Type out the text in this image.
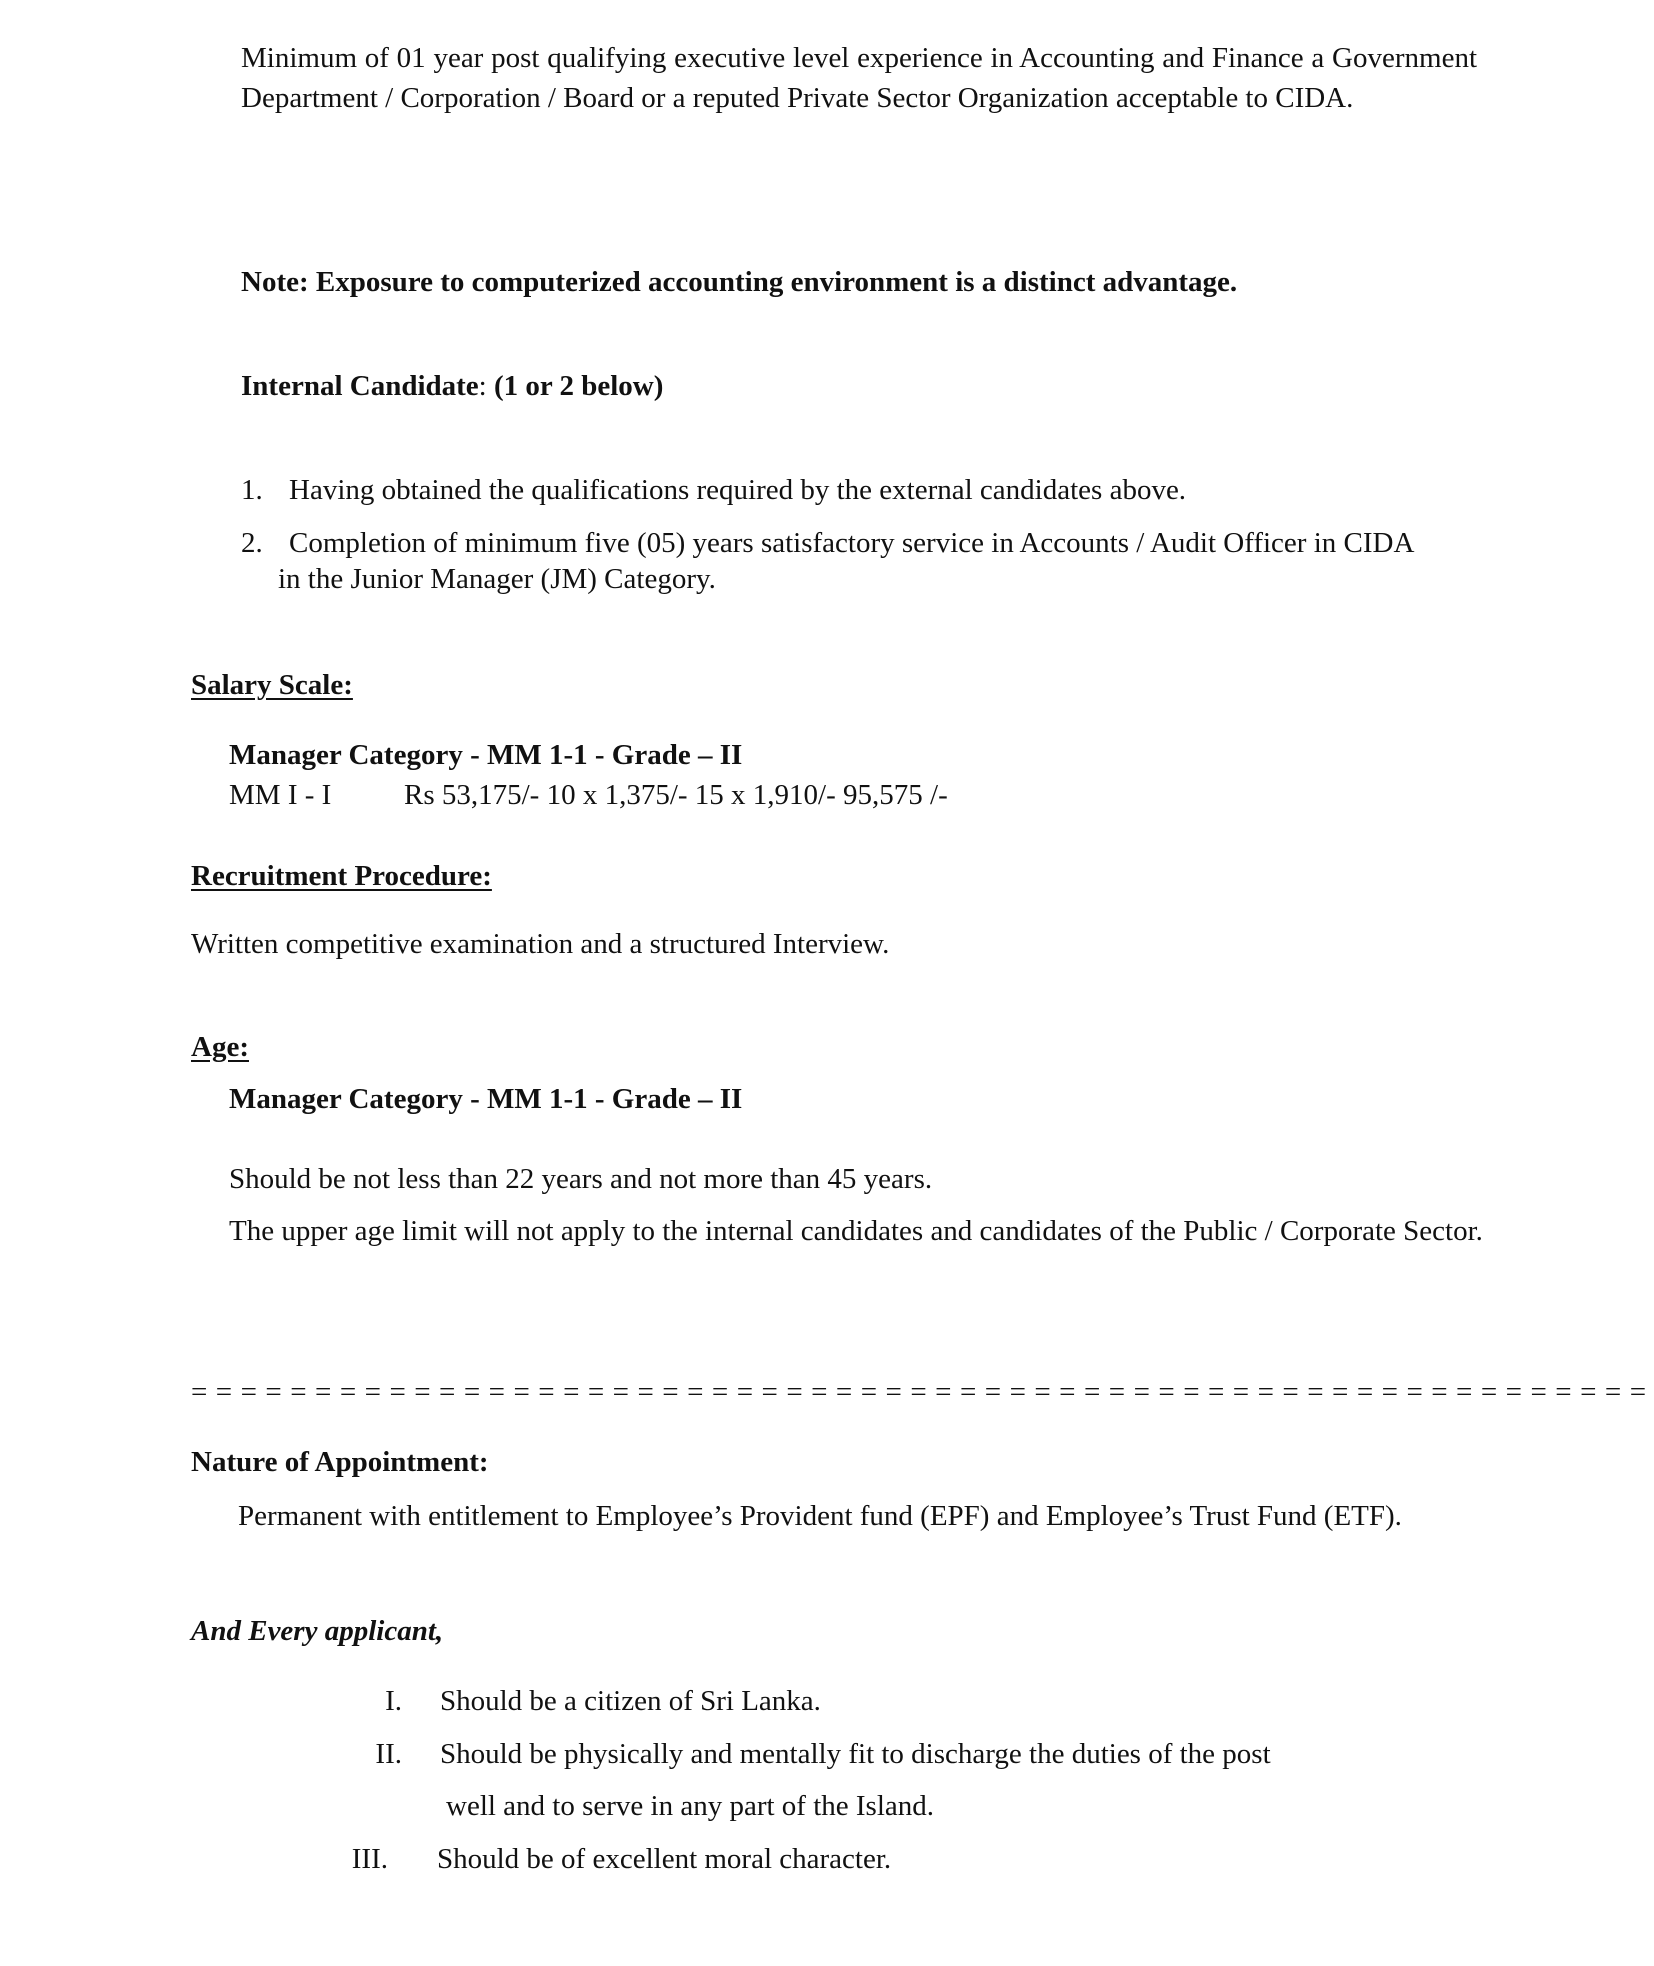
Minimum of 01 year post qualifying executive level experience in Accounting and Finance a Government Department / Corporation / Board or a reputed Private Sector Organization acceptable to CIDA.

Note: Exposure to computerized accounting environment is a distinct advantage.

Internal Candidate: (1 or 2 below)

1. Having obtained the qualifications required by the external candidates above.
2. Completion of minimum five (05) years satisfactory service in Accounts / Audit Officer in CIDA
in the Junior Manager (JM) Category.
Salary Scale:
Manager Category - MM 1-1 - Grade – II
MM I - I	Rs 53,175/- 10 x 1,375/- 15 x 1,910/- 95,575 /-
Recruitment Procedure:
Written competitive examination and a structured Interview.
Age:
Manager Category - MM 1-1 - Grade – II
Should be not less than 22 years and not more than 45 years.
The upper age limit will not apply to the internal candidates and candidates of the Public / Corporate Sector.
= = = = = = = = = = = = = = = = = = = = = = = = = = = = = = = = = = = = = = = = = = = = = = = = = = = = = = = = = = =
Nature of Appointment:
Permanent with entitlement to Employee’s Provident fund (EPF) and Employee’s Trust Fund (ETF).
And Every applicant,
I. Should be a citizen of Sri Lanka.
II. Should be physically and mentally fit to discharge the duties of the post
well and to serve in any part of the Island.
III. Should be of excellent moral character.
